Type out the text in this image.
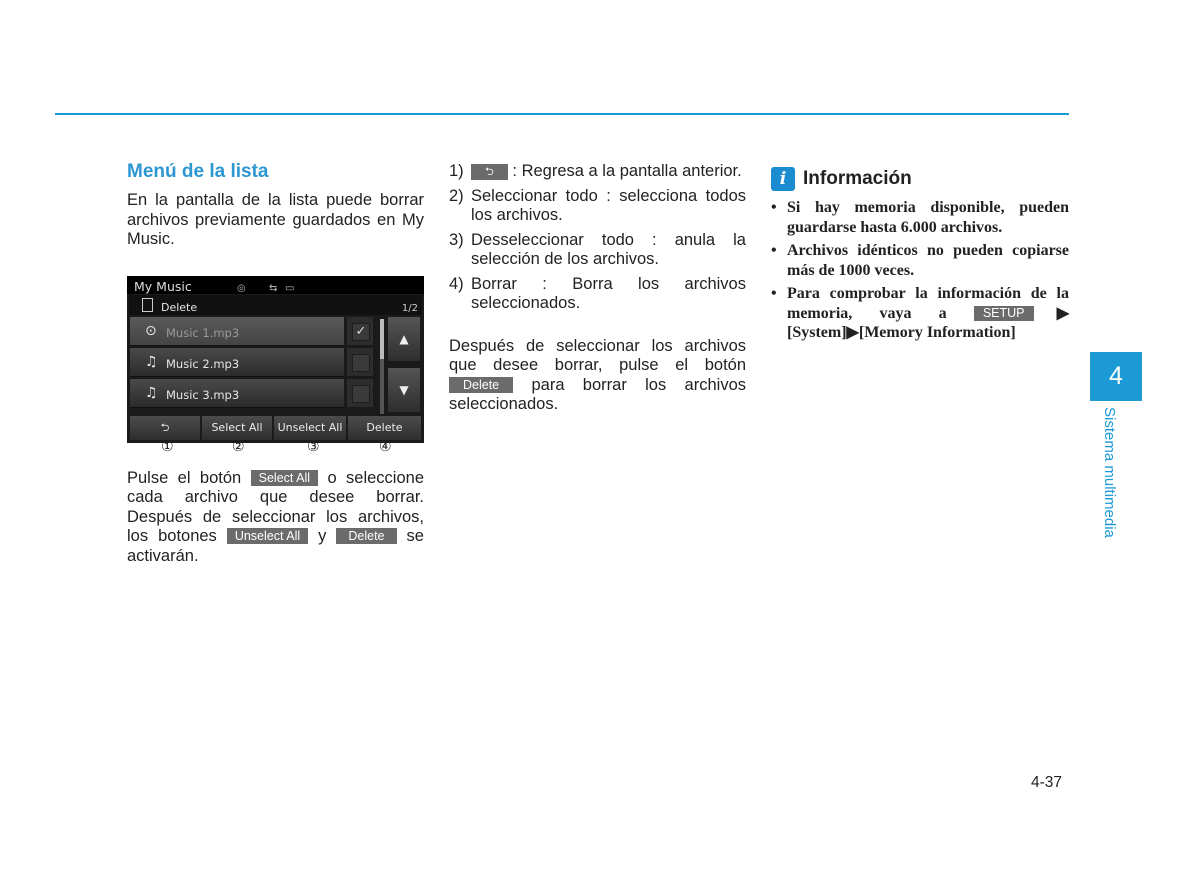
Menú de la lista

En la pantalla de la lista puede borrar archivos previamente guardados en My Music.

My Music	◎ ⇆ ▭
Delete	1/2
⊙ Music 1.mp3	✓
♫ Music 2.mp3
♫ Music 3.mp3
▲
▼
⮌	Select All	Unselect All	Delete
①	②	③	④

Pulse el botón Select All o seleccione cada archivo que desee borrar. Después de seleccionar los archivos, los botones Unselect All y Delete se activarán.

1)	⮌ : Regresa a la pantalla anterior.
2) Seleccionar todo : selecciona todos los archivos.
3) Desseleccionar todo : anula la selección de los archivos.
4) Borrar : Borra los archivos seleccionados.

Después de seleccionar los archivos que desee borrar, pulse el botón Delete para borrar los archivos seleccionados.

i Información
• Si hay memoria disponible, pueden guardarse hasta 6.000 archivos.
• Archivos idénticos no pueden copiarse más de 1000 veces.
• Para comprobar la información de la memoria, vaya a	SETUP ▶ [System]▶[Memory Information]
4
Sistema multimedia
4-37
